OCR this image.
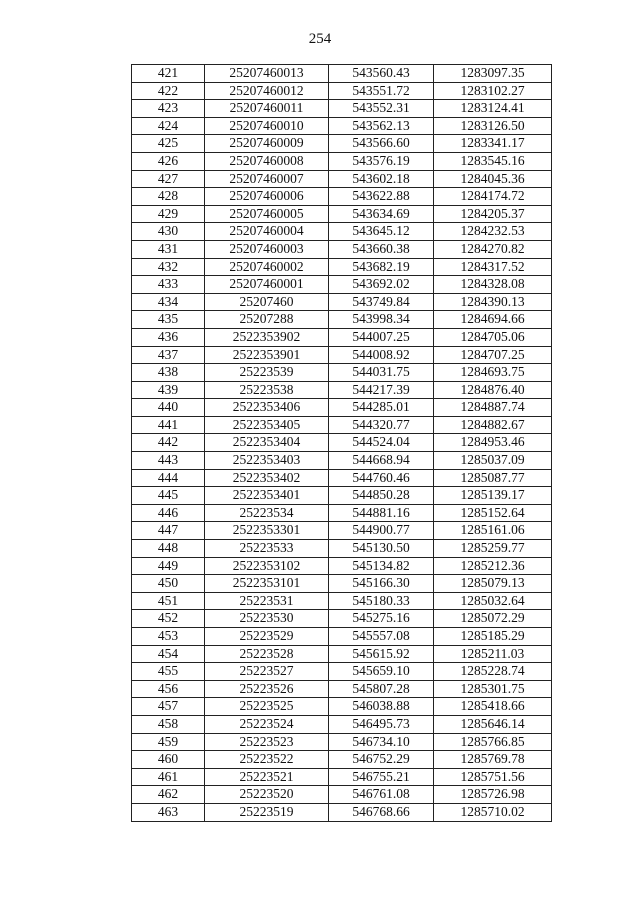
254
421	25207460013	543560.43	1283097.35
422	25207460012	543551.72	1283102.27
423	25207460011	543552.31	1283124.41
424	25207460010	543562.13	1283126.50
425	25207460009	543566.60	1283341.17
426	25207460008	543576.19	1283545.16
427	25207460007	543602.18	1284045.36
428	25207460006	543622.88	1284174.72
429	25207460005	543634.69	1284205.37
430	25207460004	543645.12	1284232.53
431	25207460003	543660.38	1284270.82
432	25207460002	543682.19	1284317.52
433	25207460001	543692.02	1284328.08
434	25207460	543749.84	1284390.13
435	25207288	543998.34	1284694.66
436	2522353902	544007.25	1284705.06
437	2522353901	544008.92	1284707.25
438	25223539	544031.75	1284693.75
439	25223538	544217.39	1284876.40
440	2522353406	544285.01	1284887.74
441	2522353405	544320.77	1284882.67
442	2522353404	544524.04	1284953.46
443	2522353403	544668.94	1285037.09
444	2522353402	544760.46	1285087.77
445	2522353401	544850.28	1285139.17
446	25223534	544881.16	1285152.64
447	2522353301	544900.77	1285161.06
448	25223533	545130.50	1285259.77
449	2522353102	545134.82	1285212.36
450	2522353101	545166.30	1285079.13
451	25223531	545180.33	1285032.64
452	25223530	545275.16	1285072.29
453	25223529	545557.08	1285185.29
454	25223528	545615.92	1285211.03
455	25223527	545659.10	1285228.74
456	25223526	545807.28	1285301.75
457	25223525	546038.88	1285418.66
458	25223524	546495.73	1285646.14
459	25223523	546734.10	1285766.85
460	25223522	546752.29	1285769.78
461	25223521	546755.21	1285751.56
462	25223520	546761.08	1285726.98
463	25223519	546768.66	1285710.02
